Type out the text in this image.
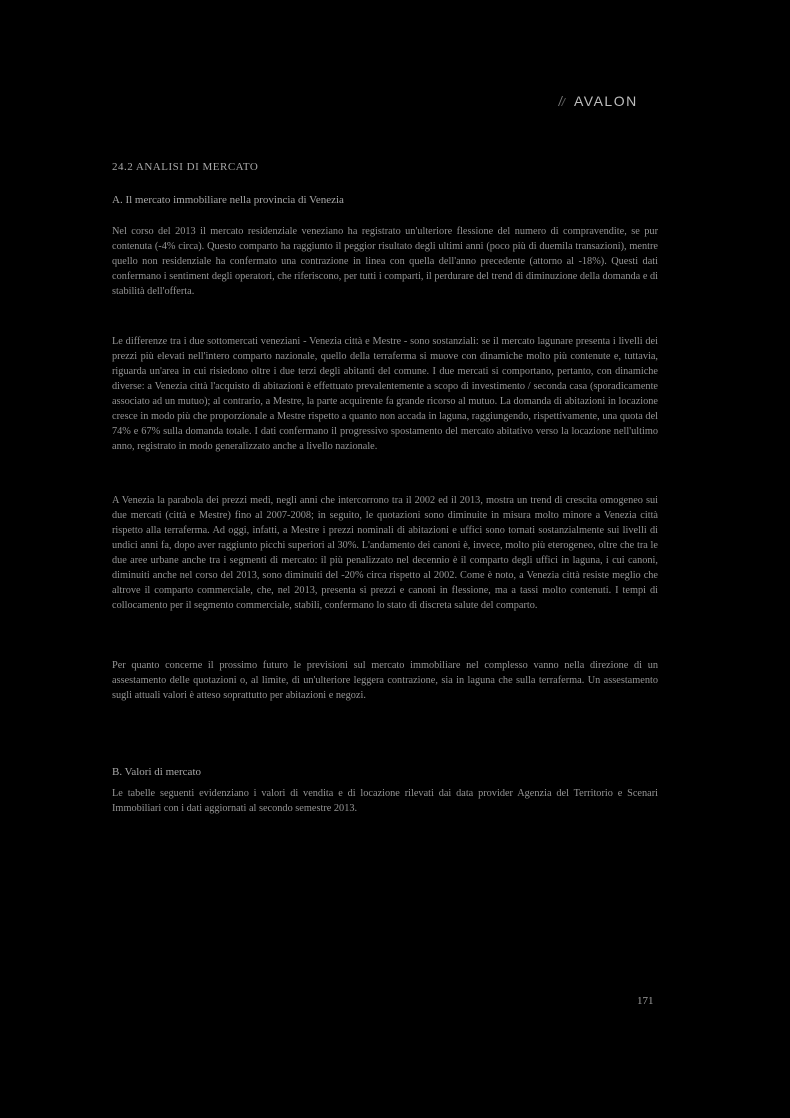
AVALON
24.2 ANALISI DI MERCATO

A. Il mercato immobiliare nella provincia di Venezia

Nel corso del 2013 il mercato residenziale veneziano ha registrato un'ulteriore flessione del numero di compravendite, se pur contenuta (-4% circa). Questo comparto ha raggiunto il peggior risultato degli ultimi anni (poco più di duemila transazioni), mentre quello non residenziale ha confermato una contrazione in linea con quella dell'anno precedente (attorno al -18%). Questi dati confermano i sentiment degli operatori, che riferiscono, per tutti i comparti, il perdurare del trend di diminuzione della domanda e di stabilità dell'offerta.

Le differenze tra i due sottomercati veneziani - Venezia città e Mestre - sono sostanziali: se il mercato lagunare presenta i livelli dei prezzi più elevati nell'intero comparto nazionale, quello della terraferma si muove con dinamiche molto più contenute e, tuttavia, riguarda un'area in cui risiedono oltre i due terzi degli abitanti del comune. I due mercati si comportano, pertanto, con dinamiche diverse: a Venezia città l'acquisto di abitazioni è effettuato prevalentemente a scopo di investimento / seconda casa (sporadicamente associato ad un mutuo); al contrario, a Mestre, la parte acquirente fa grande ricorso al mutuo. La domanda di abitazioni in locazione cresce in modo più che proporzionale a Mestre rispetto a quanto non accada in laguna, raggiungendo, rispettivamente, una quota del 74% e 67% sulla domanda totale. I dati confermano il progressivo spostamento del mercato abitativo verso la locazione nell'ultimo anno, registrato in modo generalizzato anche a livello nazionale.

A Venezia la parabola dei prezzi medi, negli anni che intercorrono tra il 2002 ed il 2013, mostra un trend di crescita omogeneo sui due mercati (città e Mestre) fino al 2007-2008; in seguito, le quotazioni sono diminuite in misura molto minore a Venezia città rispetto alla terraferma. Ad oggi, infatti, a Mestre i prezzi nominali di abitazioni e uffici sono tornati sostanzialmente sui livelli di undici anni fa, dopo aver raggiunto picchi superiori al 30%. L'andamento dei canoni è, invece, molto più eterogeneo, oltre che tra le due aree urbane anche tra i segmenti di mercato: il più penalizzato nel decennio è il comparto degli uffici in laguna, i cui canoni, diminuiti anche nel corso del 2013, sono diminuiti del -20% circa rispetto al 2002. Come è noto, a Venezia città resiste meglio che altrove il comparto commerciale, che, nel 2013, presenta sì prezzi e canoni in flessione, ma a tassi molto contenuti. I tempi di collocamento per il segmento commerciale, stabili, confermano lo stato di discreta salute del comparto.

Per quanto concerne il prossimo futuro le previsioni sul mercato immobiliare nel complesso vanno nella direzione di un assestamento delle quotazioni o, al limite, di un'ulteriore leggera contrazione, sia in laguna che sulla terraferma. Un assestamento sugli attuali valori è atteso soprattutto per abitazioni e negozi.

B. Valori di mercato

Le tabelle seguenti evidenziano i valori di vendita e di locazione rilevati dai data provider Agenzia del Territorio e Scenari Immobiliari con i dati aggiornati al secondo semestre 2013.

171
